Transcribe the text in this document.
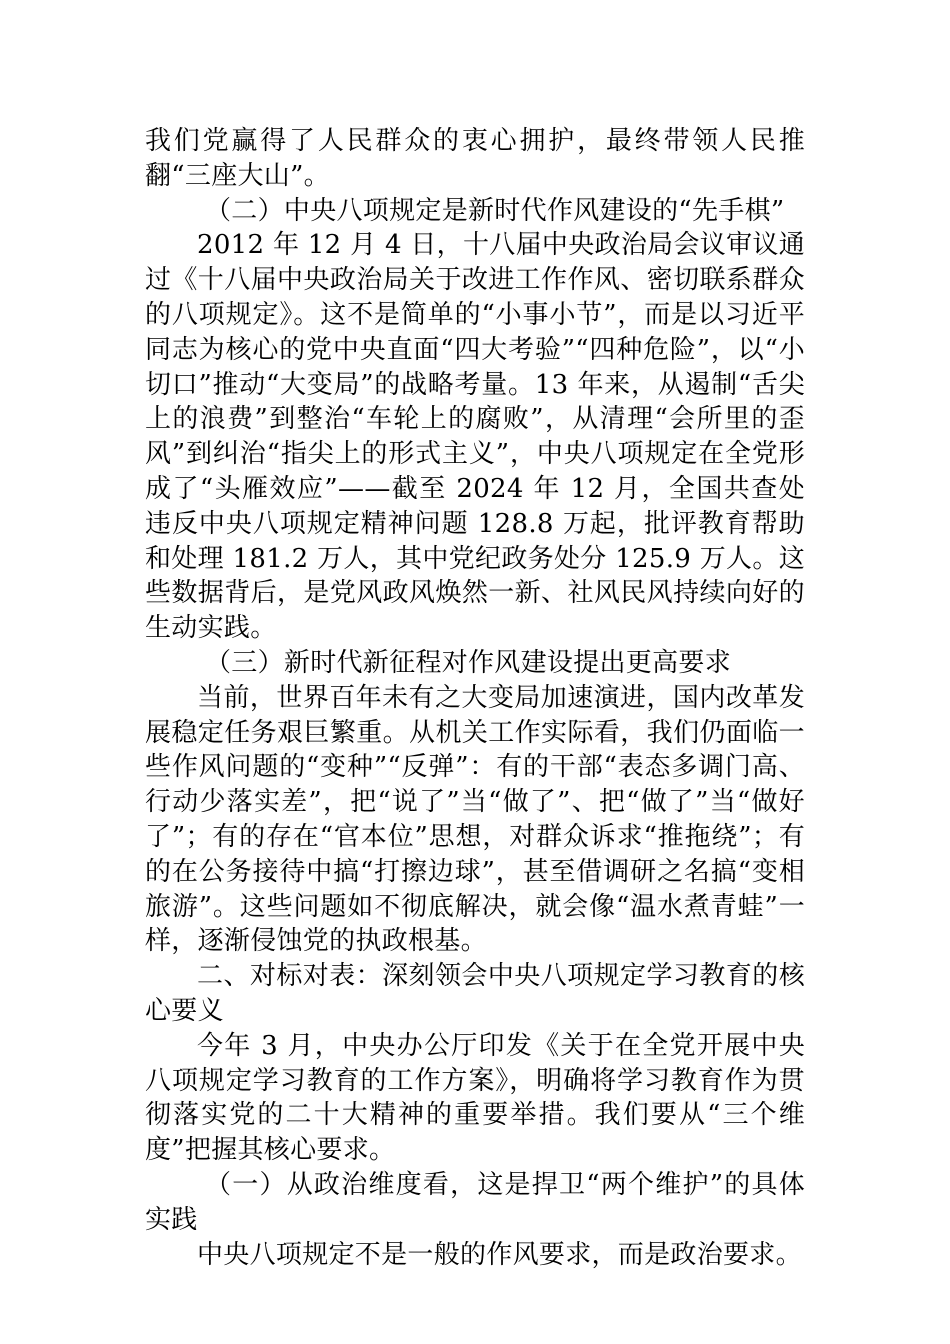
我们党赢得了人民群众的衷心拥护，最终带领人民推翻“三座大山”。

（二）中央八项规定是新时代作风建设的“先手棋”

2012 年 12 月 4 日，十八届中央政治局会议审议通过《十八届中央政治局关于改进工作作风、密切联系群众的八项规定》。这不是简单的“小事小节”，而是以习近平同志为核心的党中央直面“四大考验”“四种危险”，以“小切口”推动“大变局”的战略考量。13 年来，从遏制“舌尖上的浪费”到整治“车轮上的腐败”，从清理“会所里的歪风”到纠治“指尖上的形式主义”，中央八项规定在全党形成了“头雁效应”——截至 2024 年 12 月，全国共查处违反中央八项规定精神问题 128.8 万起，批评教育帮助和处理 181.2 万人，其中党纪政务处分 125.9 万人。这些数据背后，是党风政风焕然一新、社风民风持续向好的生动实践。

（三）新时代新征程对作风建设提出更高要求

当前，世界百年未有之大变局加速演进，国内改革发展稳定任务艰巨繁重。从机关工作实际看，我们仍面临一些作风问题的“变种”“反弹”：有的干部“表态多调门高、行动少落实差”，把“说了”当“做了”、把“做了”当“做好了”；有的存在“官本位”思想，对群众诉求“推拖绕”；有的在公务接待中搞“打擦边球”，甚至借调研之名搞“变相旅游”。这些问题如不彻底解决，就会像“温水煮青蛙”一样，逐渐侵蚀党的执政根基。

二、对标对表：深刻领会中央八项规定学习教育的核心要义

今年 3 月，中央办公厅印发《关于在全党开展中央八项规定学习教育的工作方案》，明确将学习教育作为贯彻落实党的二十大精神的重要举措。我们要从“三个维度”把握其核心要求。

（一）从政治维度看，这是捍卫“两个维护”的具体实践

中央八项规定不是一般的作风要求，而是政治要求。
